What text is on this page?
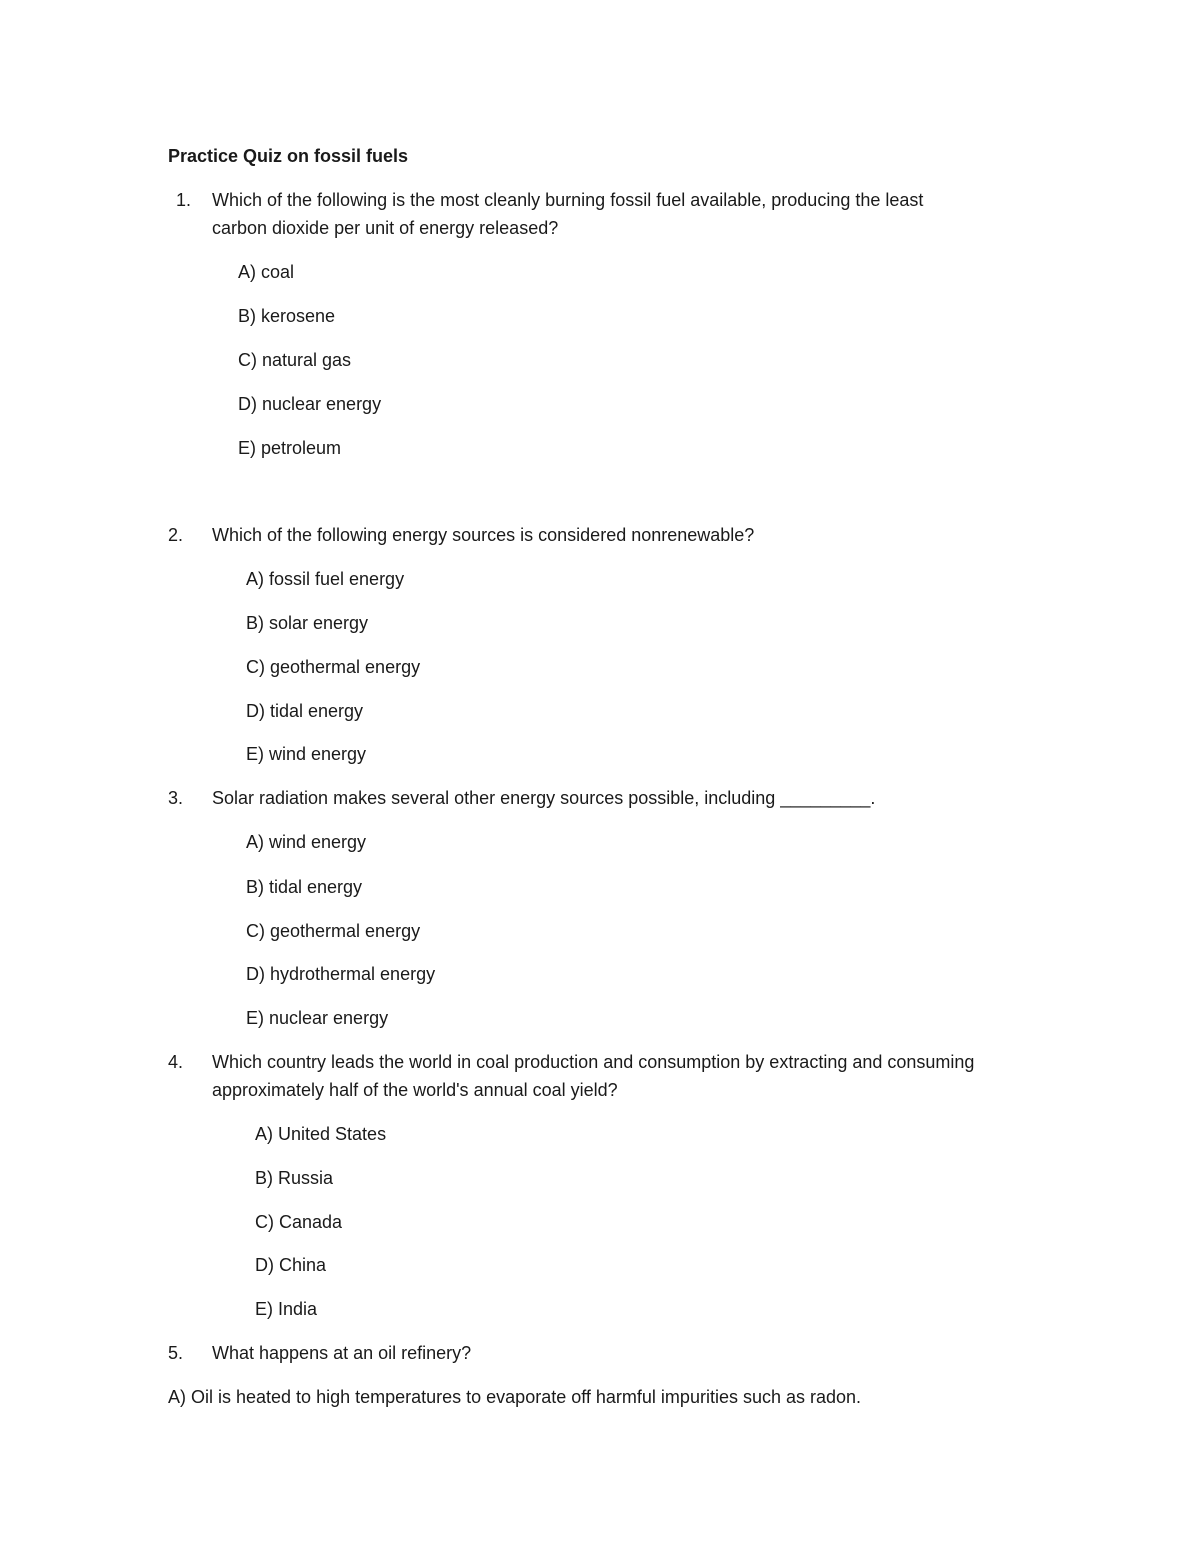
Practice Quiz on fossil fuels
1. Which of the following is the most cleanly burning fossil fuel available, producing the least
carbon dioxide per unit of energy released?
A) coal
B) kerosene
C) natural gas
D) nuclear energy
E) petroleum
2. Which of the following energy sources is considered nonrenewable?
A) fossil fuel energy
B) solar energy
C) geothermal energy
D) tidal energy
E) wind energy
3. Solar radiation makes several other energy sources possible, including _________.
A) wind energy
B) tidal energy
C) geothermal energy
D) hydrothermal energy
E) nuclear energy
4. Which country leads the world in coal production and consumption by extracting and consuming
approximately half of the world's annual coal yield?
A) United States
B) Russia
C) Canada
D) China
E) India
5. What happens at an oil refinery?
A) Oil is heated to high temperatures to evaporate off harmful impurities such as radon.
